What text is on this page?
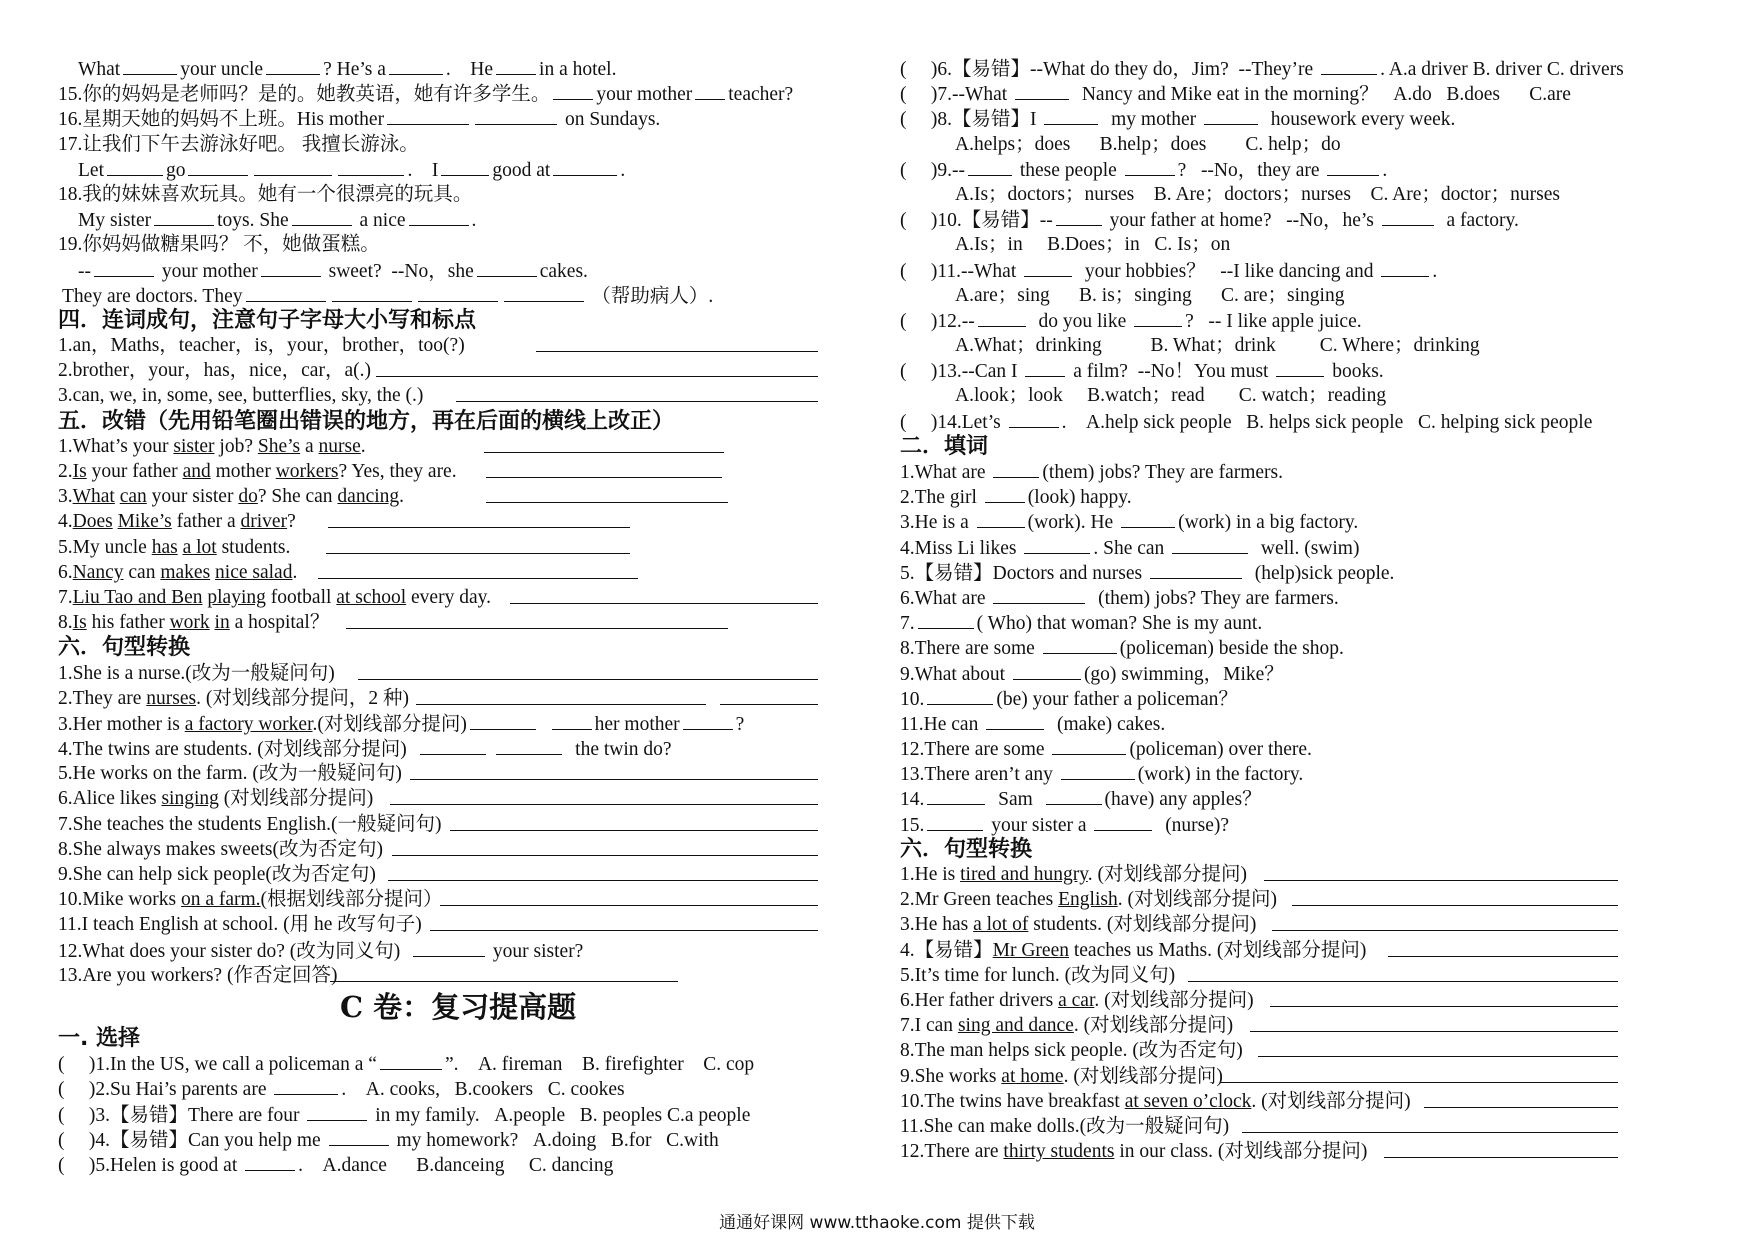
What	your uncle	? He’s a	. He in a hotel.
15.你的妈妈是老师吗？是的。她教英语，她有许多学生。 your mother teacher?
16.星期天她的妈妈不上班。His mother	on Sundays.
17.让我们下午去游泳好吧。 我擅长游泳。
Let	go	. I	good at	.
18.我的妹妹喜欢玩具。她有一个很漂亮的玩具。
My sister	toys. She	a nice	.
19.你妈妈做糖果吗？ 不，她做蛋糕。
--	your mother	sweet? --No，she	cakes.
They are doctors. They	（帮助病人）.
四．连词成句，注意句子字母大小写和标点
1.an，Maths，teacher，is，your，brother，too(?)
2.brother，your，has，nice，car，a(.)
3.can, we, in, some, see, butterflies, sky, the (.)
五．改错（先用铅笔圈出错误的地方，再在后面的横线上改正）
1.What’s your sister job? She’s a nurse.
2.Is your father and mother workers? Yes, they are.
3.What can your sister do? She can dancing.
4.Does Mike’s father a driver?
5.My uncle has a lot students.
6.Nancy can makes nice salad.
7.Liu Tao and Ben playing football at school every day.
8.Is his father work in a hospital？
六．句型转换
1.She is a nurse.(改为一般疑问句)
2.They are nurses. (对划线部分提问，2 种)
3.Her mother is a factory worker.(对划线部分提问)	her mother	?
4.The twins are students. (对划线部分提问)	the twin do?
5.He works on the farm. (改为一般疑问句)
6.Alice likes singing (对划线部分提问)
7.She teaches the students English.(一般疑问句)
8.She always makes sweets(改为否定句)
9.She can help sick people(改为否定句)
10.Mike works on a farm.(根据划线部分提问）
11.I teach English at school. (用 he 改写句子)
12.What does your sister do? (改为同义句)	your sister?
13.Are you workers? (作否定回答)
C 卷：复习提高题
一. 选择
( )1.In the US, we call a policeman a “	”. A. fireman B. firefighter C. cop
( )2.Su Hai’s parents are	. A. cooks, B.cookers C. cookes
( )3.【易错】There are four	in my family. A.people B. peoples C.a people
( )4.【易错】Can you help me	my homework? A.doing B.for C.with
( )5.Helen is good at	. A.dance B.danceing C. dancing
( )6.【易错】--What do they do，Jim? --They’re	. A.a driver B. driver C. drivers
( )7.--What	Nancy and Mike eat in the morning？ A.do B.does C.are
( )8.【易错】I	my mother	housework every week.
A.helps；does B.help；does C. help；do
( )9.--	these people	? --No，they are	.
A.Is；doctors；nurses B. Are；doctors；nurses C. Are；doctor；nurses
( )10.【易错】--	your father at home? --No，he’s	a factory.
A.Is；in B.Does；in C. Is；on
( )11.--What	your hobbies？ --I like dancing and	.
A.are；sing B. is；singing C. are；singing
( )12.--	do you like	? -- I like apple juice.
A.What；drinking	B. What；drink C. Where；drinking
( )13.--Can I	a film? --No！You must	books.
A.look；look B.watch；read C. watch；reading
( )14.Let’s	. A.help sick people B. helps sick people C. helping sick people
二．填词
1.What are	(them) jobs? They are farmers.
2.The girl	(look) happy.
3.He is a	(work). He	(work) in a big factory.
4.Miss Li likes	. She can	well. (swim)
5.【易错】Doctors and nurses	(help)sick people.
6.What are	(them) jobs? They are farmers.
7.	( Who) that woman? She is my aunt.
8.There are some	(policeman) beside the shop.
9.What about	(go) swimming，Mike？
10.	(be) your father a policeman？
11.He can	(make) cakes.
12.There are some	(policeman) over there.
13.There aren’t any	(work) in the factory.
14.	Sam	(have) any apples？
15.	your sister a	(nurse)?
六．句型转换
1.He is tired and hungry. (对划线部分提问)
2.Mr Green teaches English. (对划线部分提问)
3.He has a lot of students. (对划线部分提问)
4.【易错】Mr Green teaches us Maths. (对划线部分提问)
5.It’s time for lunch. (改为同义句)
6.Her father drivers a car. (对划线部分提问)
7.I can sing and dance. (对划线部分提问)
8.The man helps sick people. (改为否定句)
9.She works at home. (对划线部分提问)
10.The twins have breakfast at seven o’clock. (对划线部分提问)
11.She can make dolls.(改为一般疑问句)
12.There are thirty students in our class. (对划线部分提问)
通通好课网 www.tthaoke.com 提供下载
